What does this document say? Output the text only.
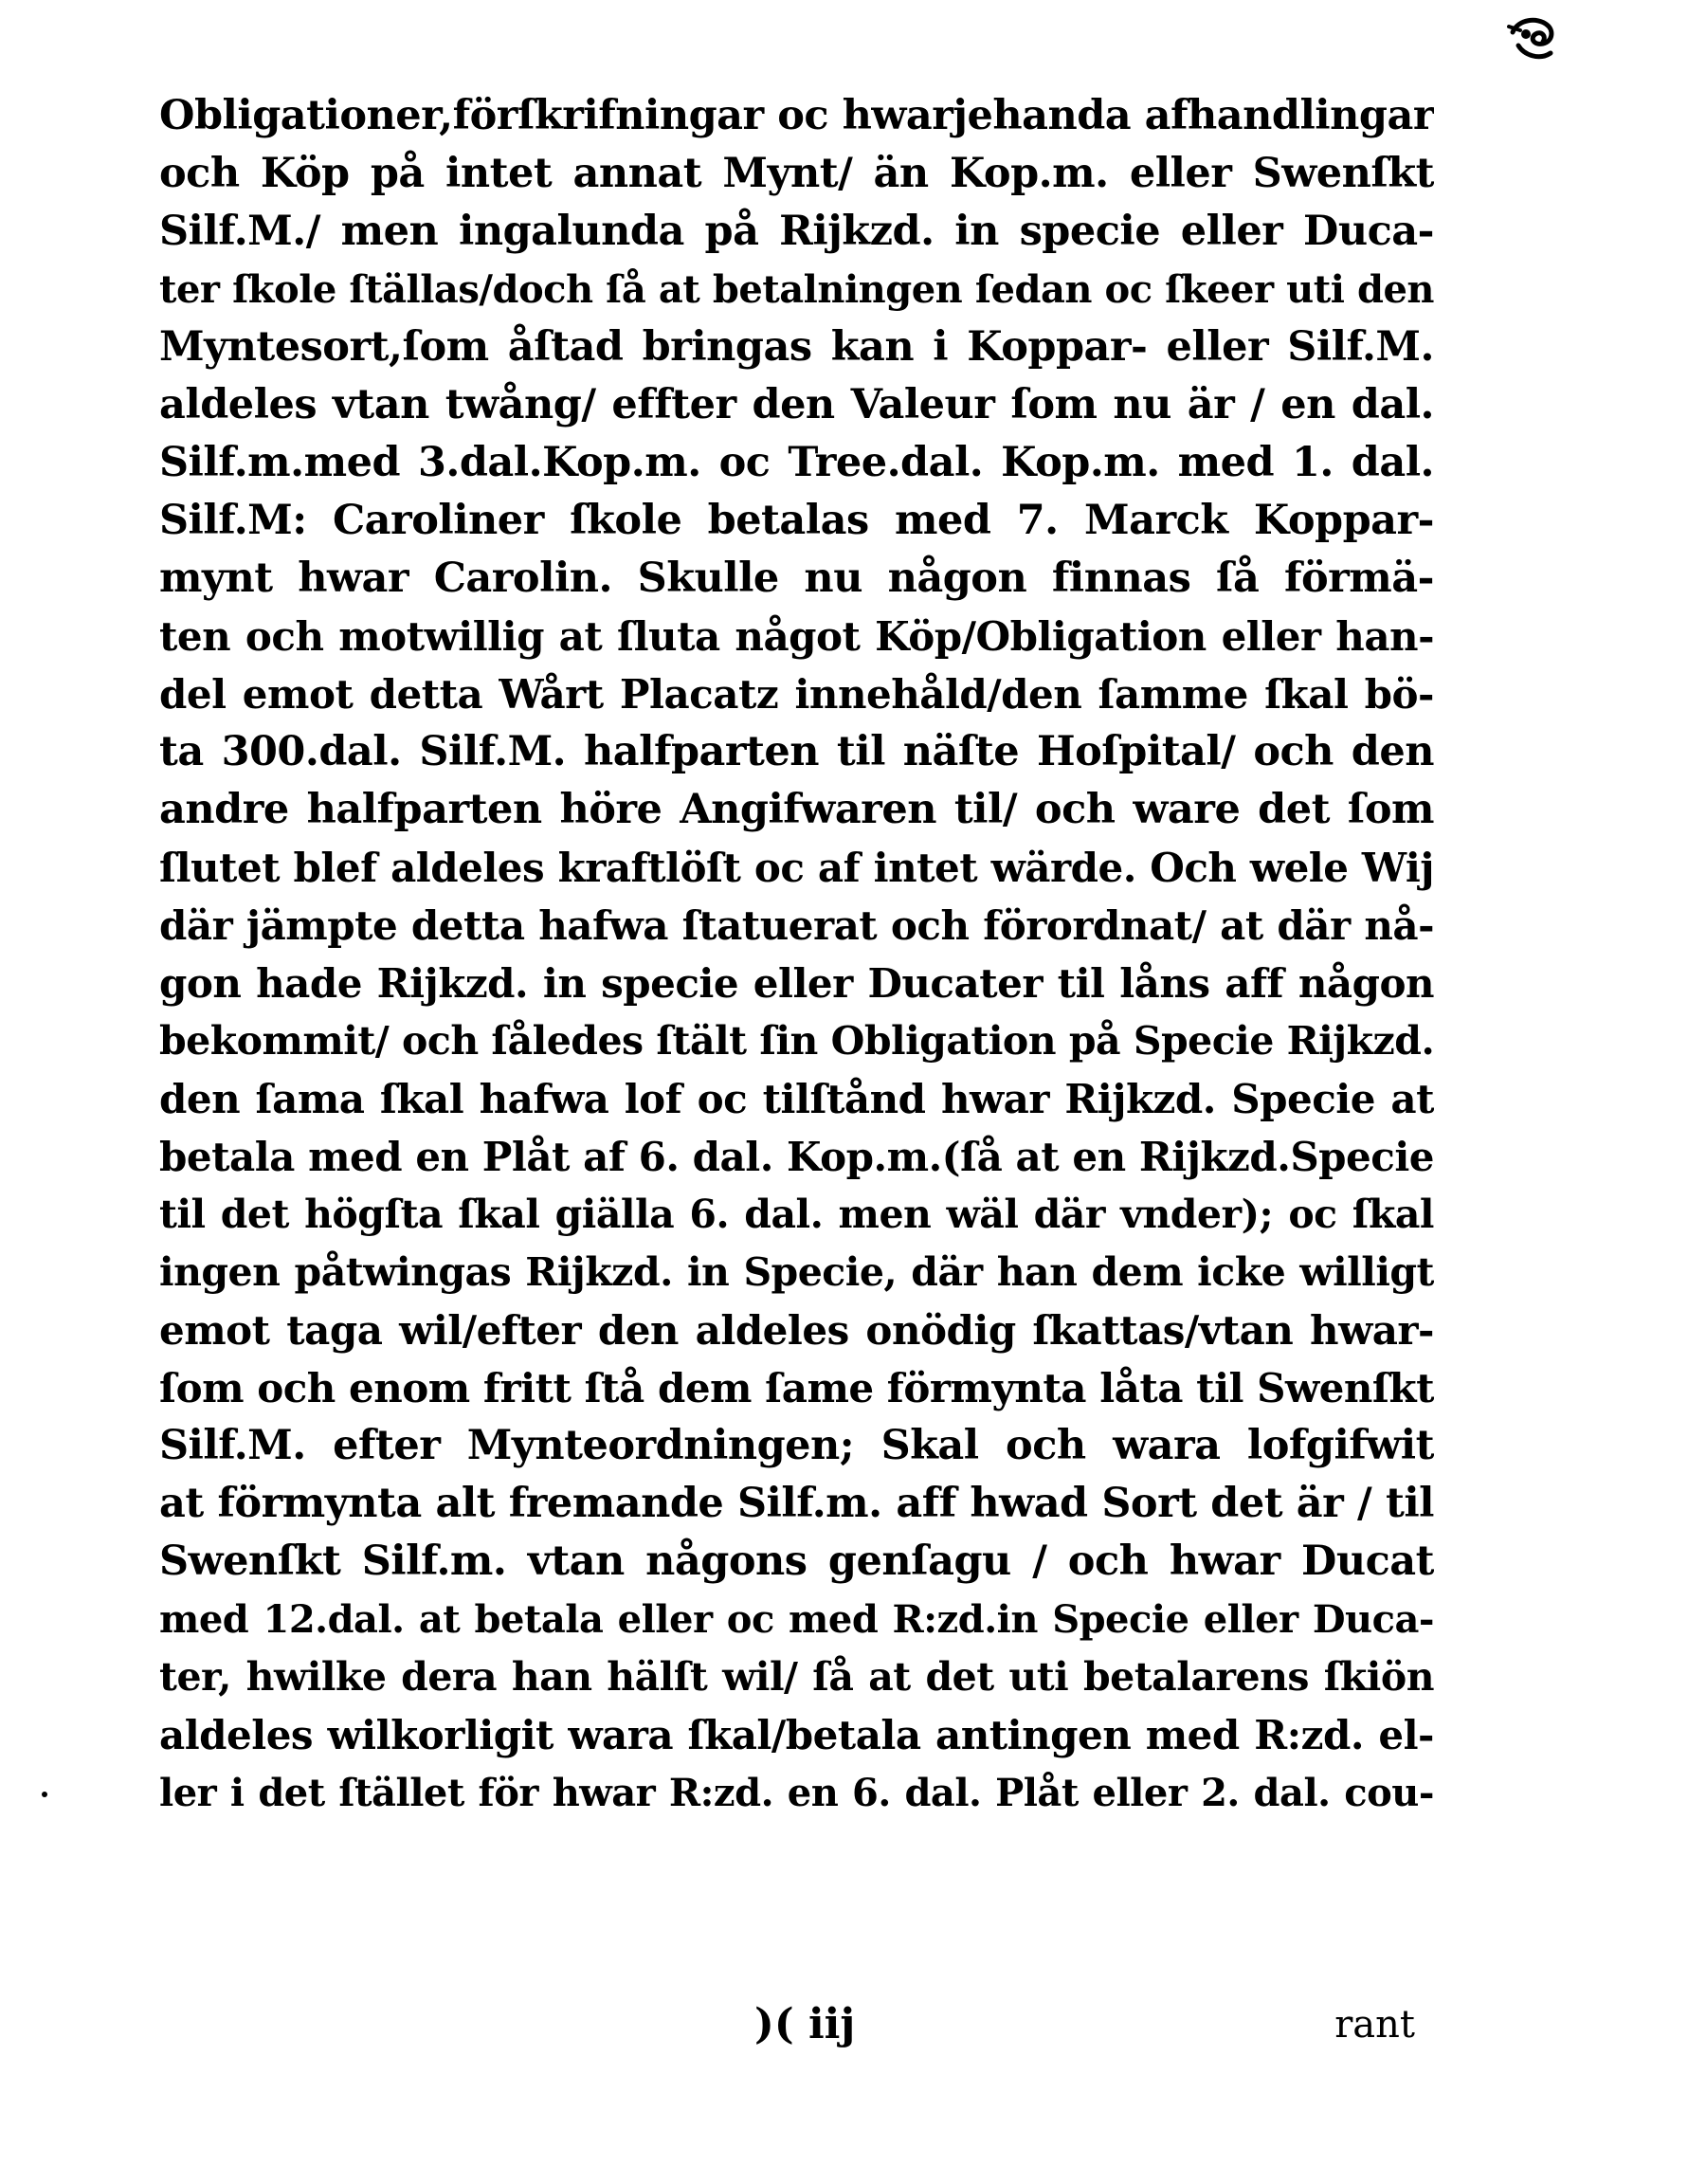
Obligationer,förſkrifningar oc hwarjehanda afhandlingar
och Köp på intet annat Mynt/ än Kop.m. eller Swenſkt
Silf.M./ men ingalunda på Rijkzd. in specie eller Duca-
ter ſkole ſtällas/doch ſå at betalningen ſedan oc ſkeer uti den
Myntesort,ſom åſtad bringas kan i Koppar- eller Silf.M.
aldeles vtan twång/ effter den Valeur ſom nu är / en dal.
Silf.m.med 3.dal.Kop.m. oc Tree.dal. Kop.m. med 1. dal.
Silf.M: Caroliner ſkole betalas med 7. Marck Koppar-
mynt hwar Carolin. Skulle nu någon finnas ſå förmä-
ten och motwillig at ſluta något Köp/Obligation eller han-
del emot detta Wårt Placatz innehåld/den ſamme ſkal bö-
ta 300.dal. Silf.M. halfparten til näſte Hoſpital/ och den
andre halfparten höre Angifwaren til/ och ware det ſom
ſlutet blef aldeles kraftlöſt oc af intet wärde. Och wele Wij
där jämpte detta hafwa ſtatuerat och förordnat/ at där nå-
gon hade Rijkzd. in specie eller Ducater til låns aff någon
bekommit/ och ſåledes ſtält ſin Obligation på Specie Rijkzd.
den ſama ſkal hafwa lof oc tilſtånd hwar Rijkzd. Specie at
betala med en Plåt af 6. dal. Kop.m.(ſå at en Rijkzd.Specie
til det högſta ſkal giälla 6. dal. men wäl där vnder); oc ſkal
ingen påtwingas Rijkzd. in Specie, där han dem icke willigt
emot taga wil/efter den aldeles onödig ſkattas/vtan hwar-
ſom och enom fritt ſtå dem ſame förmynta låta til Swenſkt
Silf.M. efter Mynteordningen; Skal och wara lofgifwit
at förmynta alt fremande Silf.m. aff hwad Sort det är / til
Swenſkt Silf.m. vtan någons genſagu / och hwar Ducat
med 12.dal. at betala eller oc med R:zd.in Specie eller Duca-
ter, hwilke dera han hälſt wil/ ſå at det uti betalarens ſkiön
aldeles wilkorligit wara ſkal/betala antingen med R:zd. el-
ler i det ſtället för hwar R:zd. en 6. dal. Plåt eller 2. dal. cou-
)( iij	rant
